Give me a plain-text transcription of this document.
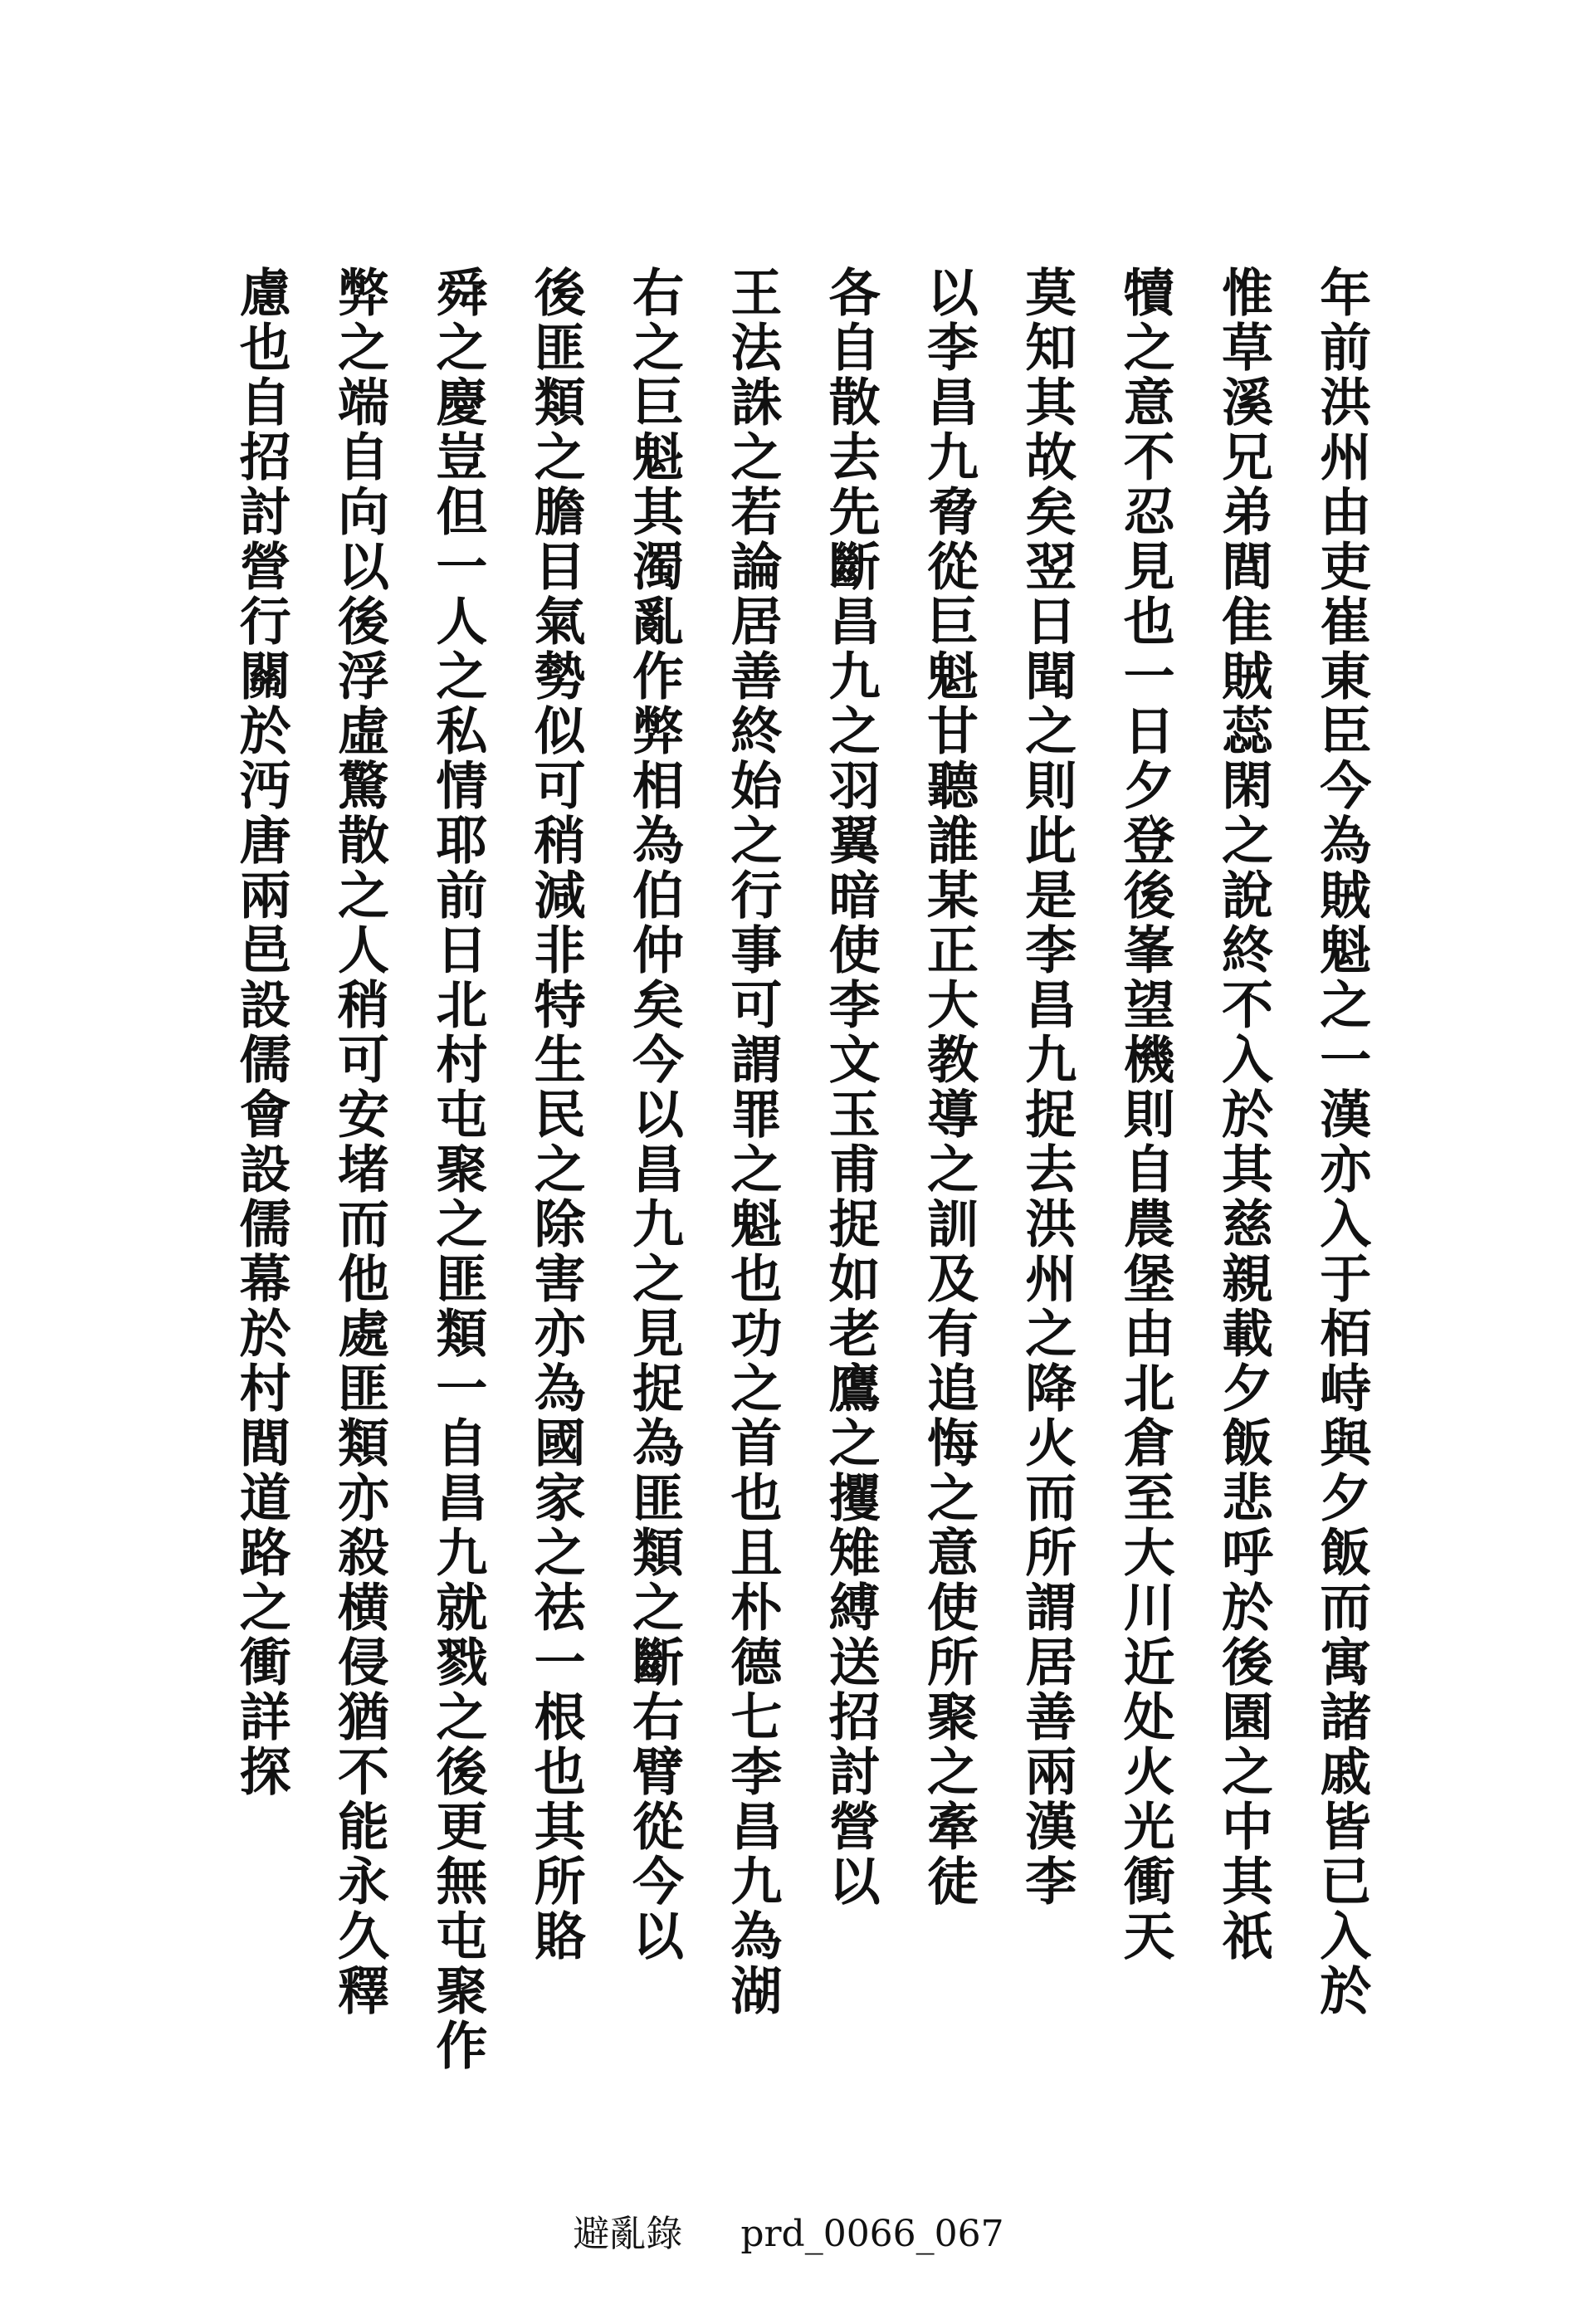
年前洪州由吏崔東臣今為賊魁之一漢亦入于栢峙與夕飯而寓諸戚皆已入於
惟草溪兄弟閭隹賊蕊閑之說終不入於其慈親載夕飯悲呼於後園之中其祇
犢之意不忍見也一日夕登後峯望機則自農堡由北倉至大川近处火光衝天
莫知其故矣翌日聞之則此是李昌九捉去洪州之降火而所謂居善兩漢李
以李昌九脅從巨魁甘聽誰某正大教導之訓及有追悔之意使所聚之牽徒
各自散去先斷昌九之羽翼暗使李文玉甫捉如老鷹之攫雉縛送招討營以
王法誅之若論居善終始之行事可謂罪之魁也功之首也且朴德七李昌九為湖
右之巨魁其濁亂作弊相為伯仲矣今以昌九之見捉為匪類之斷右臂從今以
後匪類之膽目氣勢似可稍減非特生民之除害亦為國家之祛一根也其所賂
舜之慶豈但一人之私情耶前日北村屯聚之匪類一自昌九就戮之後更無屯聚作
弊之端自向以後浮虛驚散之人稍可安堵而他處匪類亦殺横侵猶不能永久釋
慮也自招討營行關於沔唐兩邑設儒會設儒幕於村閭道路之衝詳探
避亂錄 prd_0066_067
